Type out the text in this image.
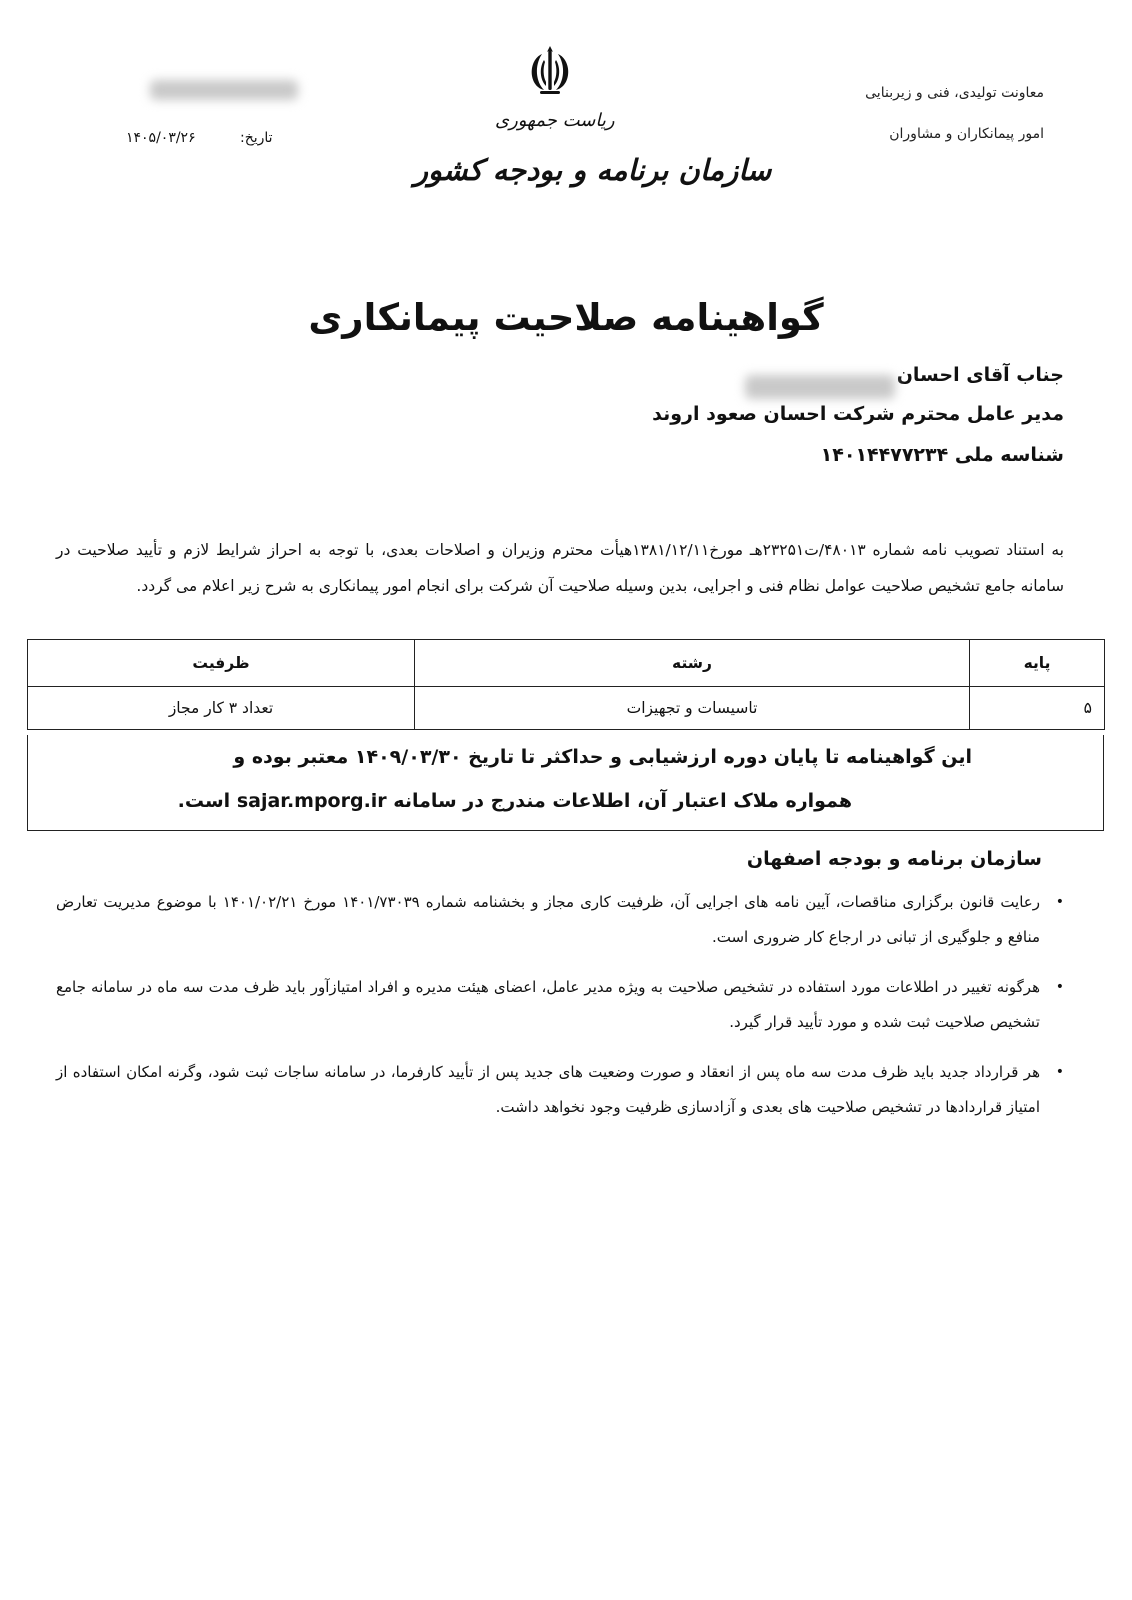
تاریخ:
۱۴۰۵/۰۳/۲۶
ریاست جمهوری
سازمان برنامه و بودجه کشور
معاونت تولیدی، فنی و زیربنایی
امور پیمانکاران و مشاوران
گواهینامه صلاحیت پیمانکاری
جناب آقای احسان
مدیر عامل محترم شرکت احسان صعود اروند
شناسه ملی ۱۴۰۱۴۴۷۷۲۳۴
به استناد تصویب نامه شماره ۴۸۰۱۳/ت۲۳۲۵۱هـ مورخ۱۳۸۱/۱۲/۱۱هیأت محترم وزیران و اصلاحات بعدی، با توجه به احراز شرایط لازم و تأیید صلاحیت در سامانه جامع تشخیص صلاحیت عوامل نظام فنی و اجرایی، بدین وسیله صلاحیت آن شرکت برای انجام امور پیمانکاری به شرح زیر اعلام می گردد.
پایه	رشته	ظرفیت
۵	تاسیسات و تجهیزات	تعداد ۳ کار مجاز
این گواهینامه تا پایان دوره ارزشیابی و حداکثر تا تاریخ ۱۴۰۹/۰۳/۳۰ معتبر بوده و
همواره ملاک اعتبار آن، اطلاعات مندرج در سامانه sajar.mporg.ir است.
سازمان برنامه و بودجه اصفهان
•
رعایت قانون برگزاری مناقصات، آیین نامه های اجرایی آن، ظرفیت کاری مجاز و بخشنامه شماره ۱۴۰۱/۷۳۰۳۹ مورخ ۱۴۰۱/۰۲/۲۱ با موضوع مدیریت تعارض منافع و جلوگیری از تبانی در ارجاع کار ضروری است.
•
هرگونه تغییر در اطلاعات مورد استفاده در تشخیص صلاحیت به ویژه مدیر عامل، اعضای هیئت مدیره و افراد امتیازآور باید ظرف مدت سه ماه در سامانه جامع تشخیص صلاحیت ثبت شده و مورد تأیید قرار گیرد.
•
هر قرارداد جدید باید ظرف مدت سه ماه پس از انعقاد و صورت وضعیت های جدید پس از تأیید کارفرما، در سامانه ساجات ثبت شود، وگرنه امکان استفاده از امتیاز قراردادها در تشخیص صلاحیت های بعدی و آزادسازی ظرفیت وجود نخواهد داشت.
